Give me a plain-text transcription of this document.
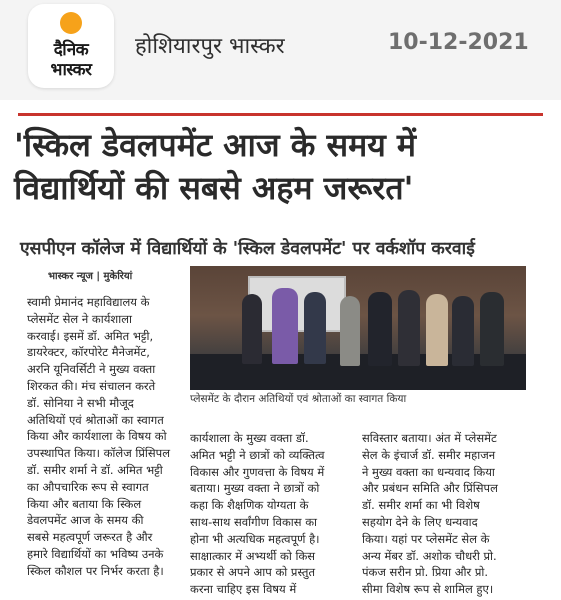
दैनिक
भास्कर
होशियारपुर भास्कर	10-12-2021
'स्किल डेवलपमेंट आज के समय में
विद्यार्थियों की सबसे अहम जरूरत'
एसपीएन कॉलेज में विद्यार्थियों के 'स्किल डेवलपमेंट' पर वर्कशॉप करवाई
भास्कर न्यूज | मुकेरियां
स्वामी प्रेमानंद महाविद्यालय के
प्लेसमेंट सेल ने कार्यशाला
करवाई। इसमें डॉ. अमित भट्टी,
डायरेक्टर, कॉरपोरेट मैनेजमेंट,
अरनि यूनिवर्सिटी ने मुख्य वक्ता
शिरकत की। मंच संचालन करते
डॉ. सोनिया ने सभी मौजूद
अतिथियों एवं श्रोताओं का स्वागत
किया और कार्यशाला के विषय को
उपस्थापित किया। कॉलेज प्रिंसिपल
डॉ. समीर शर्मा ने डॉ. अमित भट्टी
का औपचारिक रूप से स्वागत
किया और बताया कि स्किल
डेवलपमेंट आज के समय की
सबसे महत्वपूर्ण जरूरत है और
हमारे विद्यार्थियों का भविष्य उनके
स्किल कौशल पर निर्भर करता है।
प्लेसमेंट के दौरान अतिथियों एवं श्रोताओं का स्वागत किया
कार्यशाला के मुख्य वक्ता डॉ.
अमित भट्टी ने छात्रों को व्यक्तित्व
विकास और गुणवत्ता के विषय में
बताया। मुख्य वक्ता ने छात्रों को
कहा कि शैक्षणिक योग्यता के
साथ-साथ सर्वांगीण विकास का
होना भी अत्यधिक महत्वपूर्ण है।
साक्षात्कार में अभ्यर्थी को किस
प्रकार से अपने आप को प्रस्तुत
करना चाहिए इस विषय में
सविस्तार बताया। अंत में प्लेसमेंट
सेल के इंचार्ज डॉ. समीर महाजन
ने मुख्य वक्ता का धन्यवाद किया
और प्रबंधन समिति और प्रिंसिपल
डॉ. समीर शर्मा का भी विशेष
सहयोग देने के लिए धन्यवाद
किया। यहां पर प्लेसमेंट सेल के
अन्य मेंबर डॉ. अशोक चौधरी प्रो.
पंकज सरीन प्रो. प्रिया और प्रो.
सीमा विशेष रूप से शामिल हुए।
